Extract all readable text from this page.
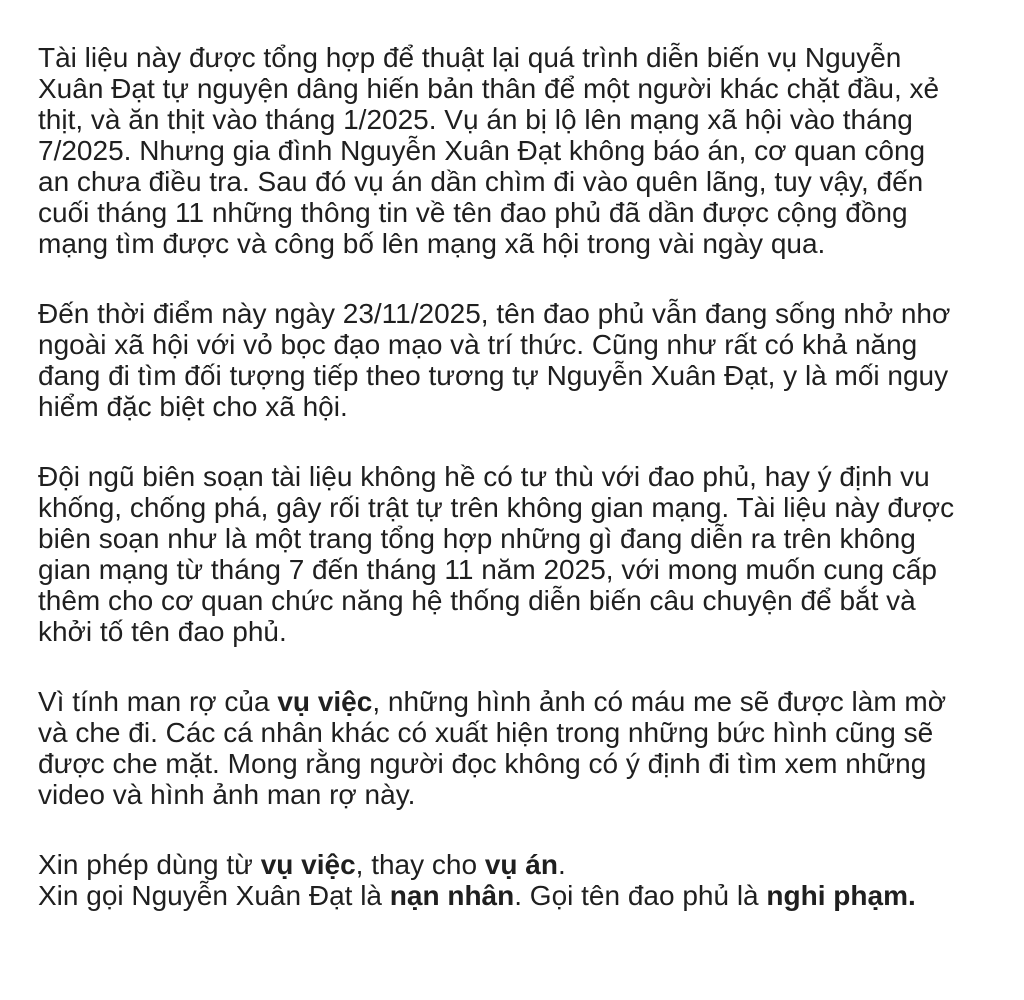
Tài liệu này được tổng hợp để thuật lại quá trình diễn biến vụ Nguyễn
Xuân Đạt tự nguyện dâng hiến bản thân để một người khác chặt đầu, xẻ
thịt, và ăn thịt vào tháng 1/2025. Vụ án bị lộ lên mạng xã hội vào tháng
7/2025. Nhưng gia đình Nguyễn Xuân Đạt không báo án, cơ quan công
an chưa điều tra. Sau đó vụ án dần chìm đi vào quên lãng, tuy vậy, đến
cuối tháng 11 những thông tin về tên đao phủ đã dần được cộng đồng
mạng tìm được và công bố lên mạng xã hội trong vài ngày qua.
Đến thời điểm này ngày 23/11/2025, tên đao phủ vẫn đang sống nhở nhơ
ngoài xã hội với vỏ bọc đạo mạo và trí thức. Cũng như rất có khả năng
đang đi tìm đối tượng tiếp theo tương tự Nguyễn Xuân Đạt, y là mối nguy
hiểm đặc biệt cho xã hội.
Đội ngũ biên soạn tài liệu không hề có tư thù với đao phủ, hay ý định vu
khống, chống phá, gây rối trật tự trên không gian mạng. Tài liệu này được
biên soạn như là một trang tổng hợp những gì đang diễn ra trên không
gian mạng từ tháng 7 đến tháng 11 năm 2025, với mong muốn cung cấp
thêm cho cơ quan chức năng hệ thống diễn biến câu chuyện để bắt và
khởi tố tên đao phủ.
Vì tính man rợ của vụ việc, những hình ảnh có máu me sẽ được làm mờ
và che đi. Các cá nhân khác có xuất hiện trong những bức hình cũng sẽ
được che mặt. Mong rằng người đọc không có ý định đi tìm xem những
video và hình ảnh man rợ này.
Xin phép dùng từ vụ việc, thay cho vụ án.
Xin gọi Nguyễn Xuân Đạt là nạn nhân. Gọi tên đao phủ là nghi phạm.
